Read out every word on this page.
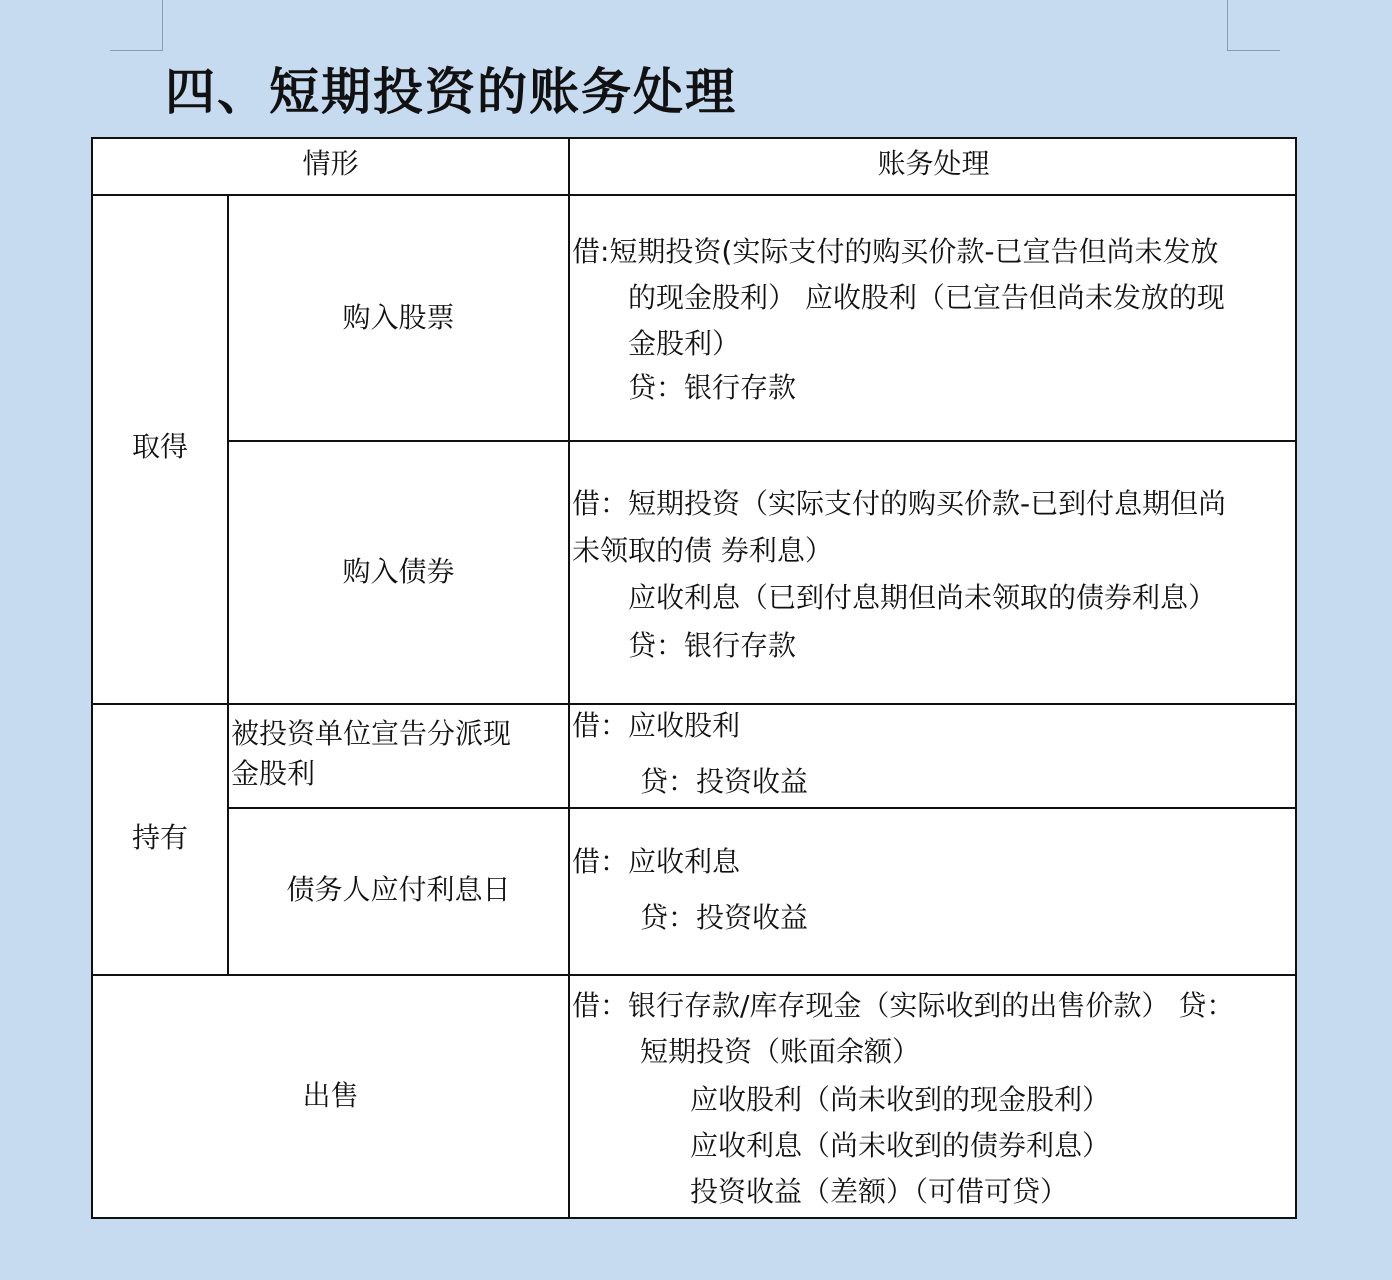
四、短期投资的账务处理
情形	账务处理
取得
持有
出售
购入股票
购入债券
被投资单位宣告分派现
金股利
债务人应付利息日
借:短期投资(实际支付的购买价款-已宣告但尚未发放
的现金股利） 应收股利（已宣告但尚未发放的现
金股利）
贷：银行存款
借：短期投资（实际支付的购买价款-已到付息期但尚
未领取的债 券利息）
应收利息（已到付息期但尚未领取的债券利息）
贷：银行存款
借：应收股利
贷：投资收益
借：应收利息
贷：投资收益
借：银行存款/库存现金（实际收到的出售价款） 贷：
短期投资（账面余额）
应收股利（尚未收到的现金股利）
应收利息（尚未收到的债券利息）
投资收益（差额）（可借可贷）
